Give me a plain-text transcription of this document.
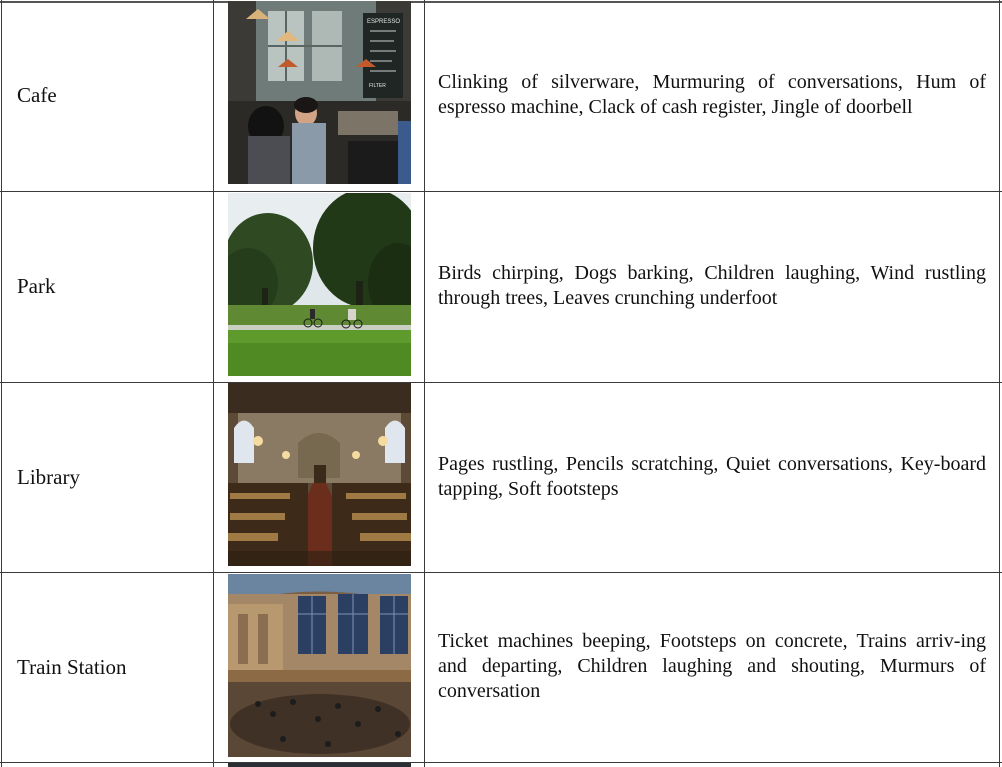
Cafe
ESPRESSO
FILTER	Clinking of silverware, Murmuring of conversations, Hum of espresso machine, Clack of cash register, Jingle of doorbell
Park
Birds chirping, Dogs barking, Children laughing, Wind rustling through trees, Leaves crunching underfoot
Library
Pages rustling, Pencils scratching, Quiet conversations, Key-board tapping, Soft footsteps
Train Station
Ticket machines beeping, Footsteps on concrete, Trains arriv-ing and departing, Children laughing and shouting, Murmurs of conversation
